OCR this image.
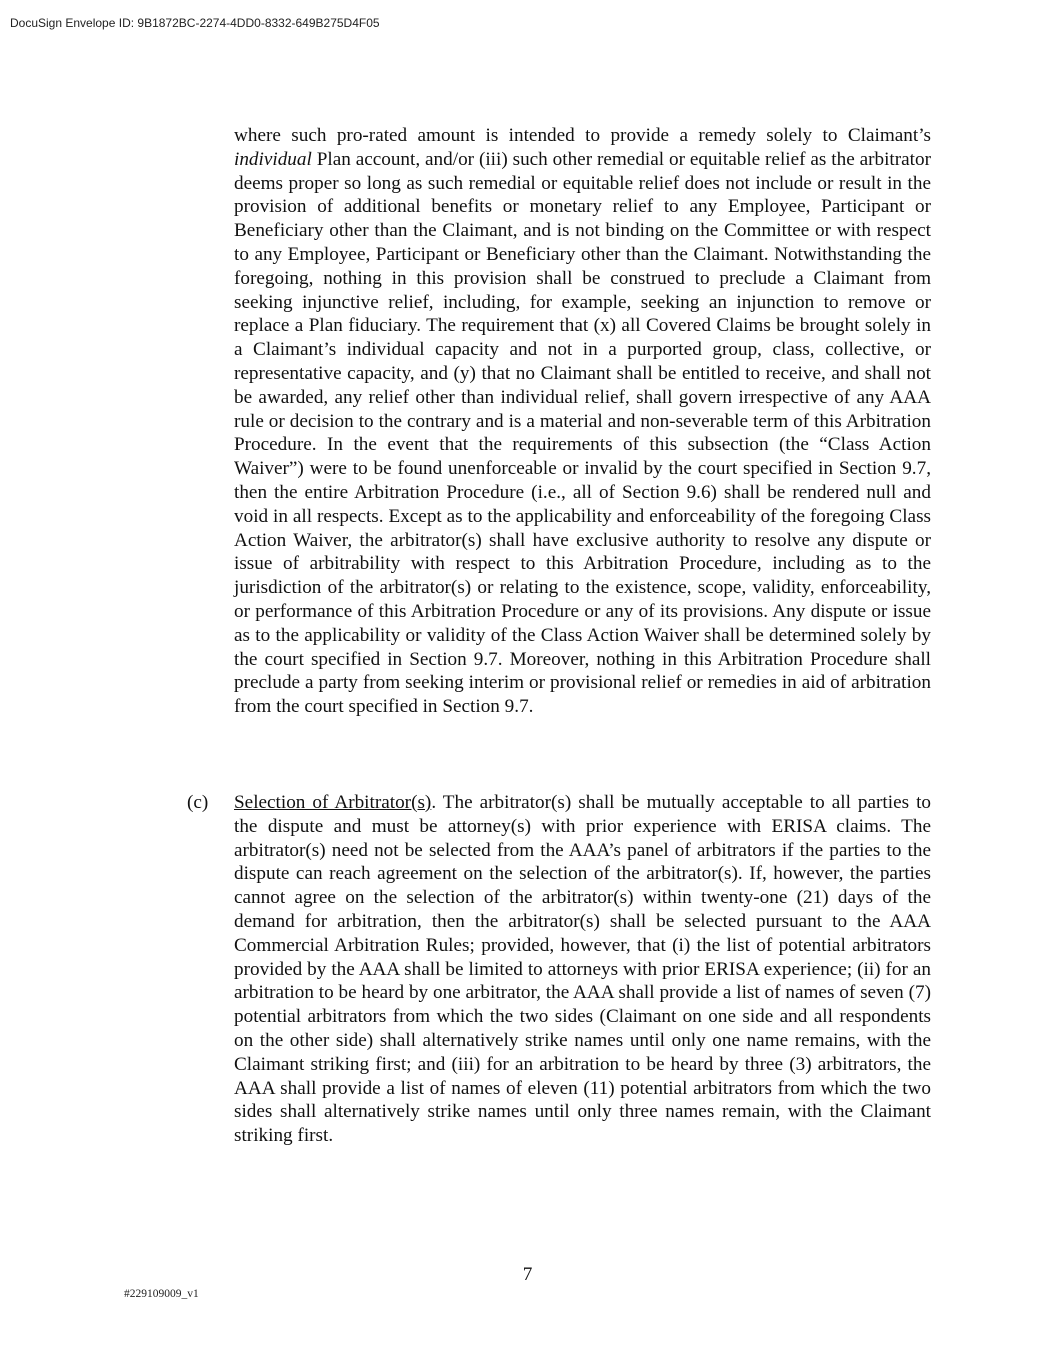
DocuSign Envelope ID: 9B1872BC-2274-4DD0-8332-649B275D4F05
where such pro-rated amount is intended to provide a remedy solely to Claimant’s individual Plan account, and/or (iii) such other remedial or equitable relief as the arbitrator deems proper so long as such remedial or equitable relief does not include or result in the provision of additional benefits or monetary relief to any Employee, Participant or Beneficiary other than the Claimant, and is not binding on the Committee or with respect to any Employee, Participant or Beneficiary other than the Claimant. Notwithstanding the foregoing, nothing in this provision shall be construed to preclude a Claimant from seeking injunctive relief, including, for example, seeking an injunction to remove or replace a Plan fiduciary. The requirement that (x) all Covered Claims be brought solely in a Claimant’s individual capacity and not in a purported group, class, collective, or representative capacity, and (y) that no Claimant shall be entitled to receive, and shall not be awarded, any relief other than individual relief, shall govern irrespective of any AAA rule or decision to the contrary and is a material and non-severable term of this Arbitration Procedure. In the event that the requirements of this subsection (the “Class Action Waiver”) were to be found unenforceable or invalid by the court specified in Section 9.7, then the entire Arbitration Procedure (i.e., all of Section 9.6) shall be rendered null and void in all respects. Except as to the applicability and enforceability of the foregoing Class Action Waiver, the arbitrator(s) shall have exclusive authority to resolve any dispute or issue of arbitrability with respect to this Arbitration Procedure, including as to the jurisdiction of the arbitrator(s) or relating to the existence, scope, validity, enforceability, or performance of this Arbitration Procedure or any of its provisions. Any dispute or issue as to the applicability or validity of the Class Action Waiver shall be determined solely by the court specified in Section 9.7. Moreover, nothing in this Arbitration Procedure shall preclude a party from seeking interim or provisional relief or remedies in aid of arbitration from the court specified in Section 9.7.
(c) Selection of Arbitrator(s). The arbitrator(s) shall be mutually acceptable to all parties to the dispute and must be attorney(s) with prior experience with ERISA claims. The arbitrator(s) need not be selected from the AAA’s panel of arbitrators if the parties to the dispute can reach agreement on the selection of the arbitrator(s). If, however, the parties cannot agree on the selection of the arbitrator(s) within twenty-one (21) days of the demand for arbitration, then the arbitrator(s) shall be selected pursuant to the AAA Commercial Arbitration Rules; provided, however, that (i) the list of potential arbitrators provided by the AAA shall be limited to attorneys with prior ERISA experience; (ii) for an arbitration to be heard by one arbitrator, the AAA shall provide a list of names of seven (7) potential arbitrators from which the two sides (Claimant on one side and all respondents on the other side) shall alternatively strike names until only one name remains, with the Claimant striking first; and (iii) for an arbitration to be heard by three (3) arbitrators, the AAA shall provide a list of names of eleven (11) potential arbitrators from which the two sides shall alternatively strike names until only three names remain, with the Claimant striking first.
7
#229109009_v1
